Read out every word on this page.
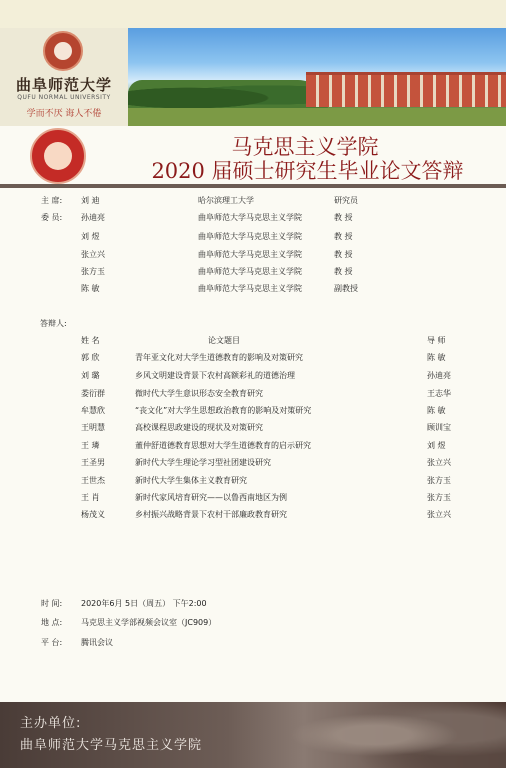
曲阜师范大学
QUFU NORMAL UNIVERSITY
学而不厌 诲人不倦
马克思主义学院
2020 届硕士研究生毕业论文答辩
主 席: 刘 迪	哈尔滨理工大学	研究员
委 员: 孙迪亮	曲阜师范大学马克思主义学院	教 授
刘 煜	曲阜师范大学马克思主义学院	教 授
张立兴	曲阜师范大学马克思主义学院	教 授
张方玉	曲阜师范大学马克思主义学院	教 授
陈 敏	曲阜师范大学马克思主义学院	副教授
答辩人:
姓 名	论文题目	导 师
郭 欣	青年亚文化对大学生道德教育的影响及对策研究	陈 敏
刘 璐	乡风文明建设背景下农村高额彩礼的道德治理	孙迪亮
娄衍群	微时代大学生意识形态安全教育研究	王志华
牟慧欣	“丧文化”对大学生思想政治教育的影响及对策研究	陈 敏
王明慧	高校课程思政建设的现状及对策研究	顾训宝
王 璘	董仲舒道德教育思想对大学生道德教育的启示研究	刘 煜
王圣男	新时代大学生理论学习型社团建设研究	张立兴
王世杰	新时代大学生集体主义教育研究	张方玉
王 肖	新时代家风培育研究——以鲁西南地区为例	张方玉
杨茂义	乡村振兴战略背景下农村干部廉政教育研究	张立兴
时 间: 2020年6月 5日（周五） 下午2:00
地 点: 马克思主义学部视频会议室（JC909）
平 台: 腾讯会议
主办单位:
曲阜师范大学马克思主义学院
